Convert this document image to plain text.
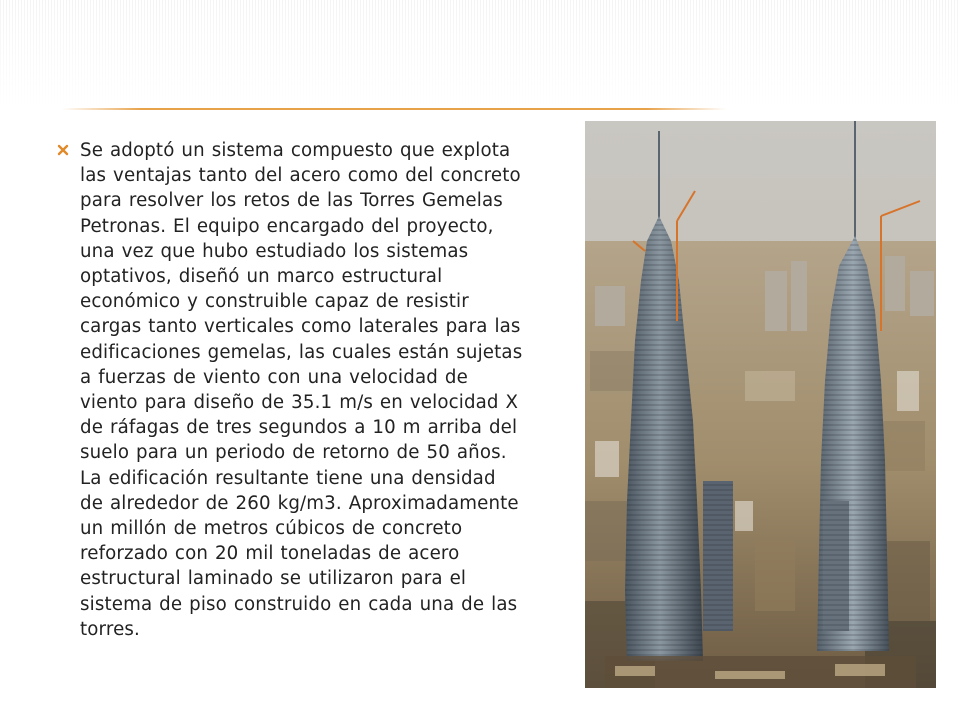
Se adoptó un sistema compuesto que explota las ventajas tanto del acero como del concreto para resolver los retos de las Torres Gemelas Petronas. El equipo encargado del proyecto, una vez que hubo estudiado los sistemas optativos, diseñó un marco estructural económico y construible capaz de resistir cargas tanto verticales como laterales para las edificaciones gemelas, las cuales están sujetas a fuerzas de viento con una velocidad de viento para diseño de 35.1 m/s en velocidad X de ráfagas de tres segundos a 10 m arriba del suelo para un periodo de retorno de 50 años. La edificación resultante tiene una densidad de alrededor de 260 kg/m3. Aproximadamente un millón de metros cúbicos de concreto reforzado con 20 mil toneladas de acero estructural laminado se utilizaron para el sistema de piso construido en cada una de las torres.
